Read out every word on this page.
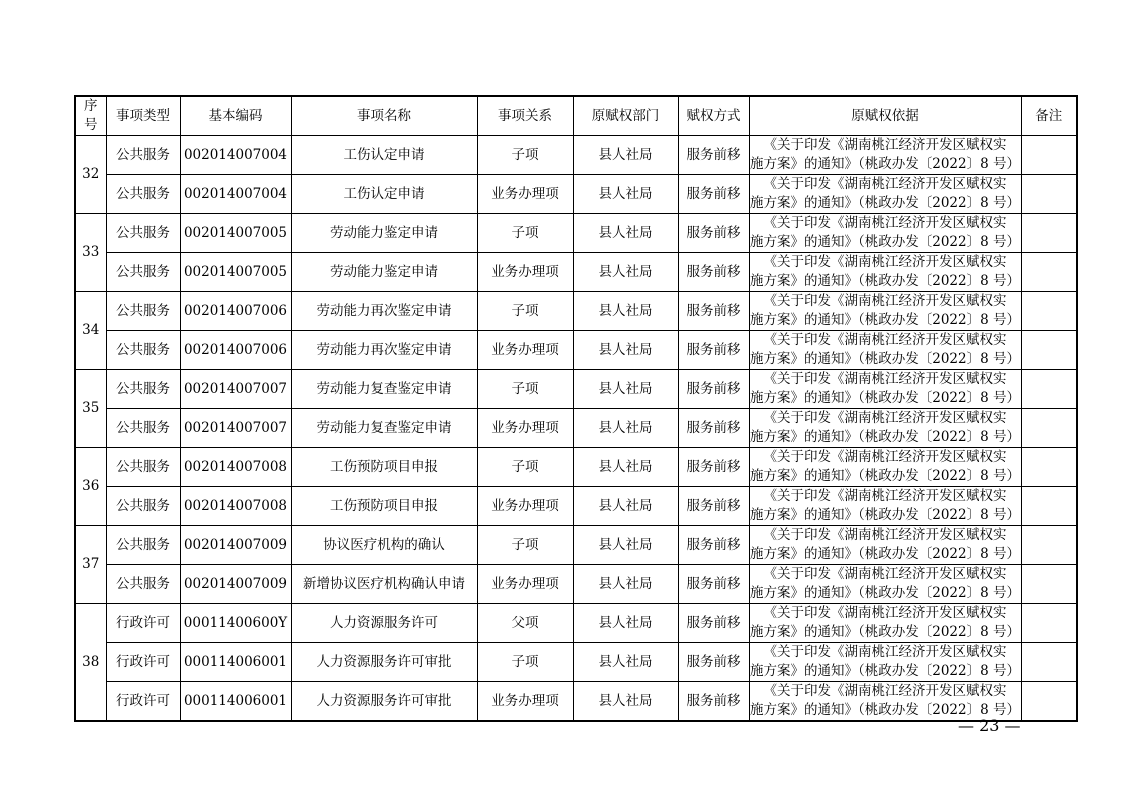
序
号	事项类型	基本编码	事项名称	事项关系	原赋权部门	赋权方式	原赋权依据	备注
32	公共服务	002014007004	工伤认定申请	子项	县人社局	服务前移	《关于印发《湖南桃江经济开发区赋权实
施方案》的通知》（桃政办发〔2022〕8 号）	

	公共服务	002014007004	工伤认定申请	业务办理项	县人社局	服务前移	《关于印发《湖南桃江经济开发区赋权实
施方案》的通知》（桃政办发〔2022〕8 号）	

33	公共服务	002014007005	劳动能力鉴定申请	子项	县人社局	服务前移	《关于印发《湖南桃江经济开发区赋权实
施方案》的通知》（桃政办发〔2022〕8 号）	

	公共服务	002014007005	劳动能力鉴定申请	业务办理项	县人社局	服务前移	《关于印发《湖南桃江经济开发区赋权实
施方案》的通知》（桃政办发〔2022〕8 号）	

34	公共服务	002014007006	劳动能力再次鉴定申请	子项	县人社局	服务前移	《关于印发《湖南桃江经济开发区赋权实
施方案》的通知》（桃政办发〔2022〕8 号）	

	公共服务	002014007006	劳动能力再次鉴定申请	业务办理项	县人社局	服务前移	《关于印发《湖南桃江经济开发区赋权实
施方案》的通知》（桃政办发〔2022〕8 号）	

35	公共服务	002014007007	劳动能力复查鉴定申请	子项	县人社局	服务前移	《关于印发《湖南桃江经济开发区赋权实
施方案》的通知》（桃政办发〔2022〕8 号）	

	公共服务	002014007007	劳动能力复查鉴定申请	业务办理项	县人社局	服务前移	《关于印发《湖南桃江经济开发区赋权实
施方案》的通知》（桃政办发〔2022〕8 号）	

36	公共服务	002014007008	工伤预防项目申报	子项	县人社局	服务前移	《关于印发《湖南桃江经济开发区赋权实
施方案》的通知》（桃政办发〔2022〕8 号）	

	公共服务	002014007008	工伤预防项目申报	业务办理项	县人社局	服务前移	《关于印发《湖南桃江经济开发区赋权实
施方案》的通知》（桃政办发〔2022〕8 号）	

37	公共服务	002014007009	协议医疗机构的确认	子项	县人社局	服务前移	《关于印发《湖南桃江经济开发区赋权实
施方案》的通知》（桃政办发〔2022〕8 号）	

	公共服务	002014007009	新增协议医疗机构确认申请	业务办理项	县人社局	服务前移	《关于印发《湖南桃江经济开发区赋权实
施方案》的通知》（桃政办发〔2022〕8 号）	

38	行政许可	00011400600Y	人力资源服务许可	父项	县人社局	服务前移	《关于印发《湖南桃江经济开发区赋权实
施方案》的通知》（桃政办发〔2022〕8 号）	

	行政许可	000114006001	人力资源服务许可审批	子项	县人社局	服务前移	《关于印发《湖南桃江经济开发区赋权实
施方案》的通知》（桃政办发〔2022〕8 号）	

	行政许可	000114006001	人力资源服务许可审批	业务办理项	县人社局	服务前移	《关于印发《湖南桃江经济开发区赋权实
施方案》的通知》（桃政办发〔2022〕8 号）	

— 23 —
